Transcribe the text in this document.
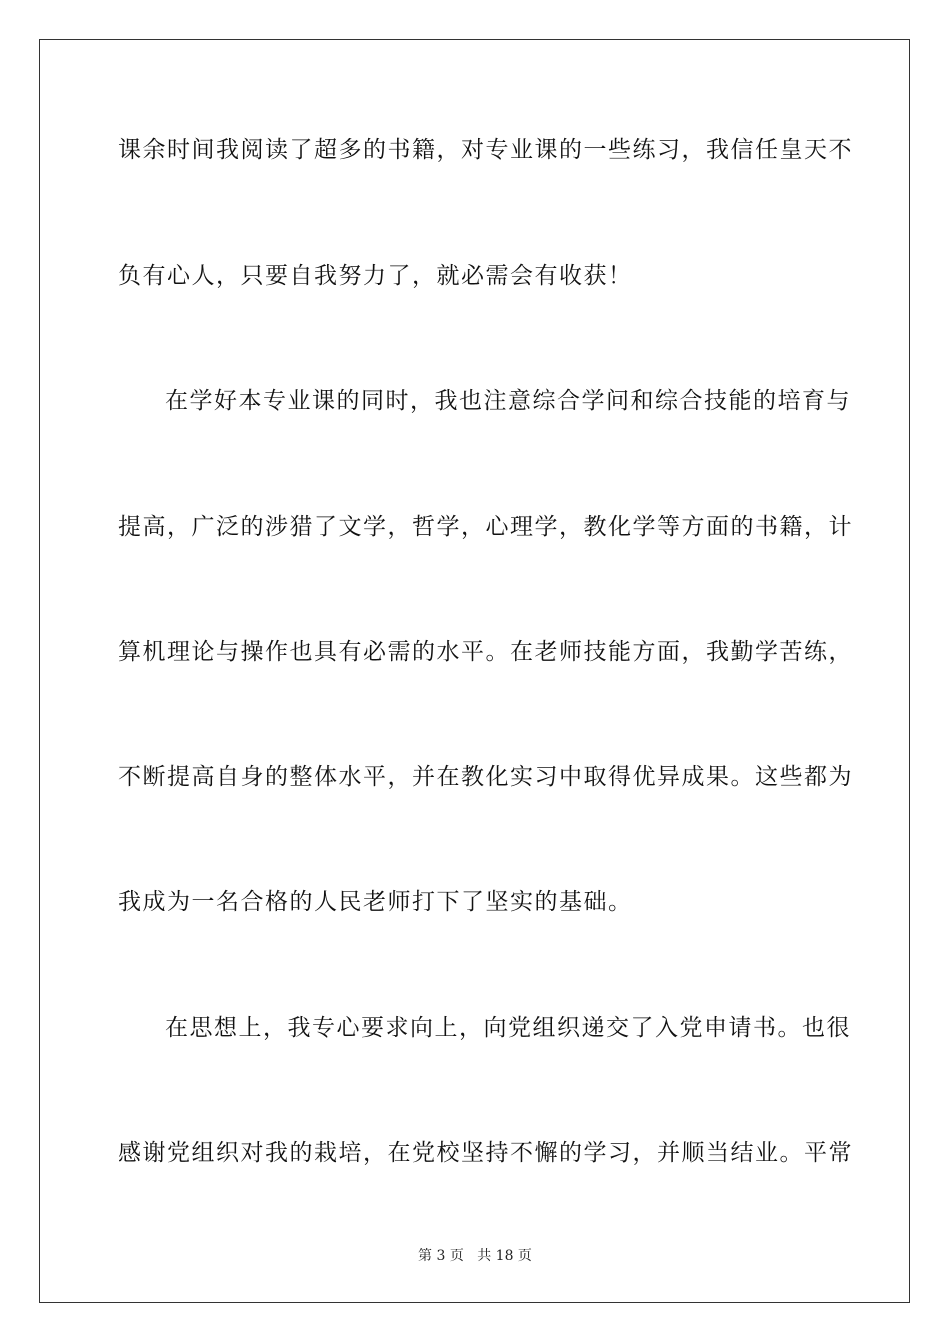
课余时间我阅读了超多的书籍，对专业课的一些练习，我信任皇天不
负有心人，只要自我努力了，就必需会有收获！
在学好本专业课的同时，我也注意综合学问和综合技能的培育与
提高，广泛的涉猎了文学，哲学，心理学，教化学等方面的书籍，计
算机理论与操作也具有必需的水平。在老师技能方面，我勤学苦练，
不断提高自身的整体水平，并在教化实习中取得优异成果。这些都为
我成为一名合格的人民老师打下了坚实的基础。
在思想上，我专心要求向上，向党组织递交了入党申请书。也很
感谢党组织对我的栽培，在党校坚持不懈的学习，并顺当结业。平常
第 3 页 共 18 页
